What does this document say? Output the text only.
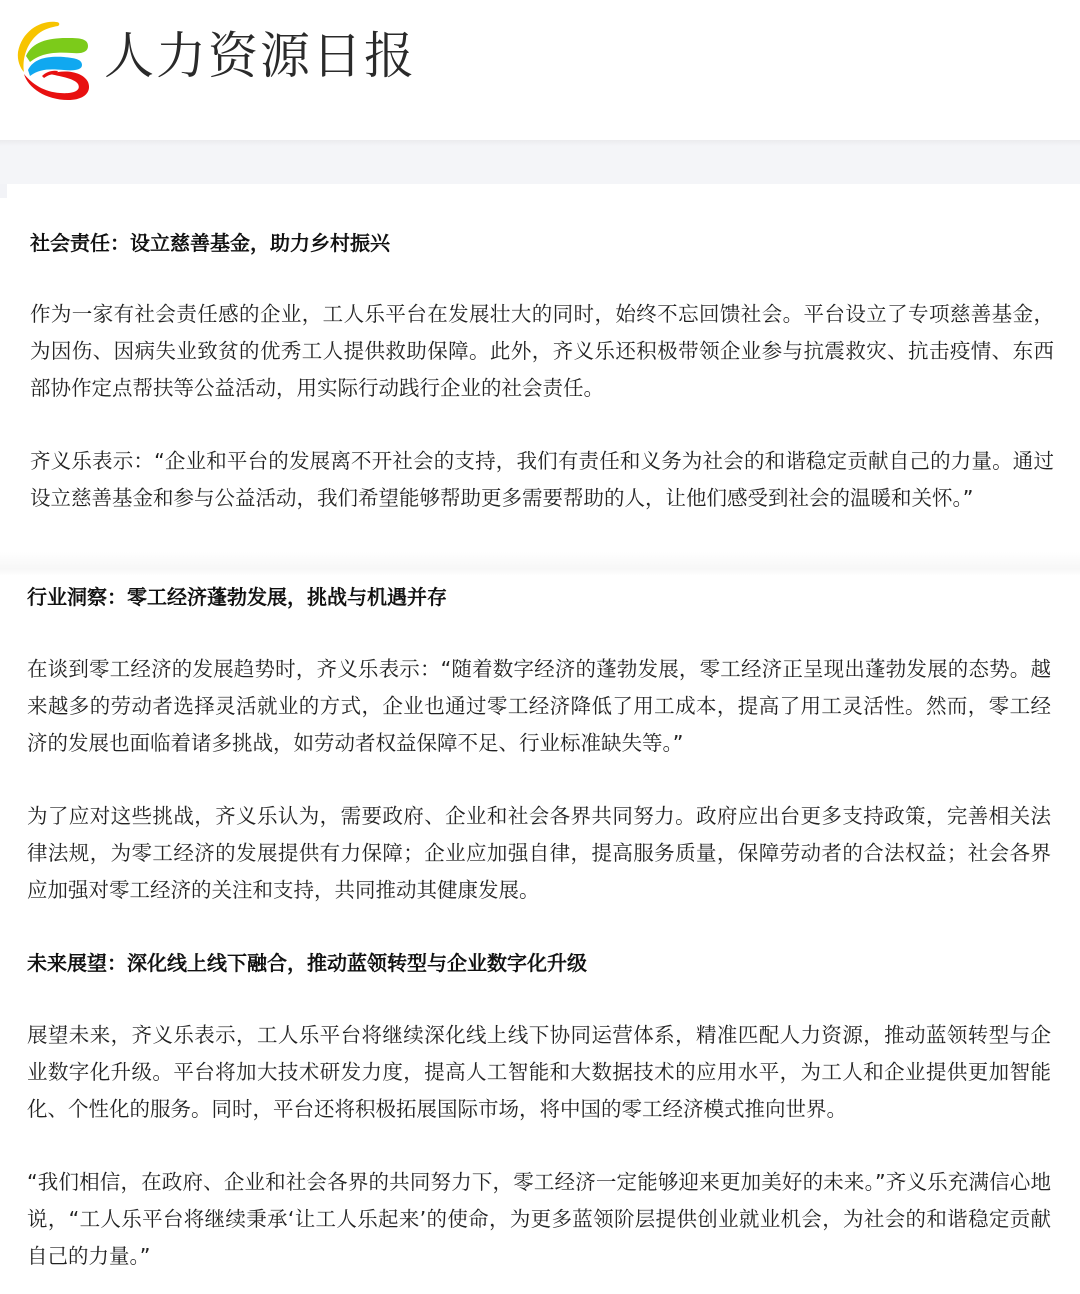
人力资源日报
社会责任：设立慈善基金，助力乡村振兴

作为一家有社会责任感的企业，工人乐平台在发展壮大的同时，始终不忘回馈社会。平台设立了专项慈善基金，为因伤、因病失业致贫的优秀工人提供救助保障。此外，齐义乐还积极带领企业参与抗震救灾、抗击疫情、东西部协作定点帮扶等公益活动，用实际行动践行企业的社会责任。

齐义乐表示：“企业和平台的发展离不开社会的支持，我们有责任和义务为社会的和谐稳定贡献自己的力量。通过设立慈善基金和参与公益活动，我们希望能够帮助更多需要帮助的人，让他们感受到社会的温暖和关怀。”

行业洞察：零工经济蓬勃发展，挑战与机遇并存

在谈到零工经济的发展趋势时，齐义乐表示：“随着数字经济的蓬勃发展，零工经济正呈现出蓬勃发展的态势。越来越多的劳动者选择灵活就业的方式，企业也通过零工经济降低了用工成本，提高了用工灵活性。然而，零工经济的发展也面临着诸多挑战，如劳动者权益保障不足、行业标准缺失等。”

为了应对这些挑战，齐义乐认为，需要政府、企业和社会各界共同努力。政府应出台更多支持政策，完善相关法律法规，为零工经济的发展提供有力保障；企业应加强自律，提高服务质量，保障劳动者的合法权益；社会各界应加强对零工经济的关注和支持，共同推动其健康发展。

未来展望：深化线上线下融合，推动蓝领转型与企业数字化升级

展望未来，齐义乐表示，工人乐平台将继续深化线上线下协同运营体系，精准匹配人力资源，推动蓝领转型与企业数字化升级。平台将加大技术研发力度，提高人工智能和大数据技术的应用水平，为工人和企业提供更加智能化、个性化的服务。同时，平台还将积极拓展国际市场，将中国的零工经济模式推向世界。

“我们相信，在政府、企业和社会各界的共同努力下，零工经济一定能够迎来更加美好的未来。”齐义乐充满信心地说，“工人乐平台将继续秉承‘让工人乐起来’的使命，为更多蓝领阶层提供创业就业机会，为社会的和谐稳定贡献自己的力量。”
